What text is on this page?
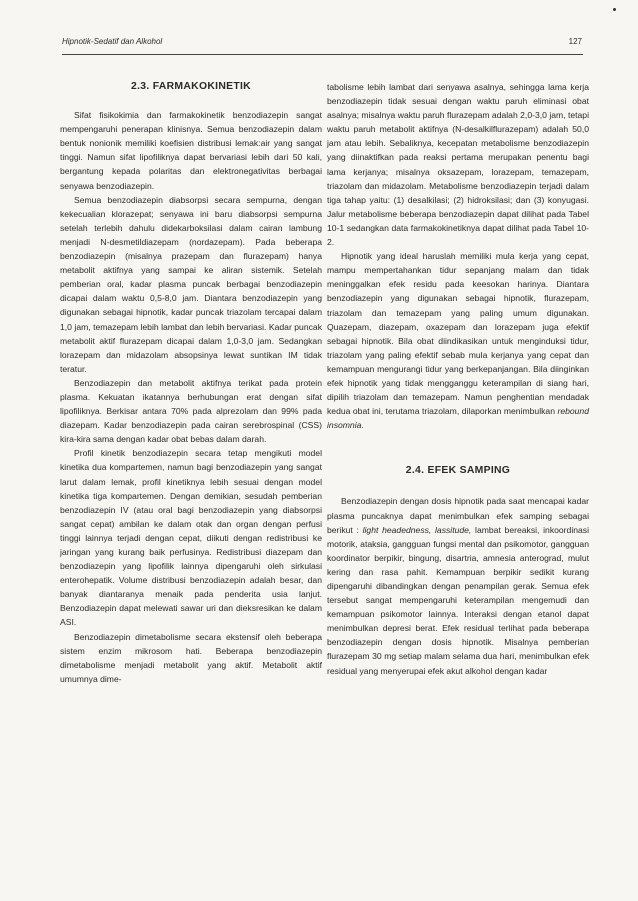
Hipnotik-Sedatif dan Alkohol	127
2.3. FARMAKOKINETIK

Sifat fisikokimia dan farmakokinetik benzodiazepin sangat mempengaruhi penerapan klinisnya. Semua benzodiazepin dalam bentuk nonionik memiliki koefisien distribusi lemak:air yang sangat tinggi. Namun sifat lipofiliknya dapat bervariasi lebih dari 50 kali, bergantung kepada polaritas dan elektronegativitas berbagai senyawa benzodiazepin.

Semua benzodiazepin diabsorpsi secara sempurna, dengan kekecualian klorazepat; senyawa ini baru diabsorpsi sempurna setelah terlebih dahulu didekarboksilasi dalam cairan lambung menjadi N-desmetildiazepam (nordazepam). Pada beberapa benzodiazepin (misalnya prazepam dan flurazepam) hanya metabolit aktifnya yang sampai ke aliran sistemik. Setelah pemberian oral, kadar plasma puncak berbagai benzodiazepin dicapai dalam waktu 0,5-8,0 jam. Diantara benzodiazepin yang digunakan sebagai hipnotik, kadar puncak triazolam tercapai dalam 1,0 jam, temazepam lebih lambat dan lebih bervariasi. Kadar puncak metabolit aktif flurazepam dicapai dalam 1,0-3,0 jam. Sedangkan lorazepam dan midazolam absopsinya lewat suntikan IM tidak teratur.

Benzodiazepin dan metabolit aktifnya terikat pada protein plasma. Kekuatan ikatannya berhubungan erat dengan sifat lipofiliknya. Berkisar antara 70% pada alprezolam dan 99% pada diazepam. Kadar benzodiazepin pada cairan serebrospinal (CSS) kira-kira sama dengan kadar obat bebas dalam darah.

Profil kinetik benzodiazepin secara tetap mengikuti model kinetika dua kompartemen, namun bagi benzodiazepin yang sangat larut dalam lemak, profil kinetiknya lebih sesuai dengan model kinetika tiga kompartemen. Dengan demikian, sesudah pemberian benzodiazepin IV (atau oral bagi benzodiazepin yang diabsorpsi sangat cepat) ambilan ke dalam otak dan organ dengan perfusi tinggi lainnya terjadi dengan cepat, diikuti dengan redistribusi ke jaringan yang kurang baik perfusinya. Redistribusi diazepam dan benzodiazepin yang lipofilik lainnya dipengaruhi oleh sirkulasi enterohepatik. Volume distribusi benzodiazepin adalah besar, dan banyak diantaranya menaik pada penderita usia lanjut. Benzodiazepin dapat melewati sawar uri dan dieksresikan ke dalam ASI.

Benzodiazepin dimetabolisme secara ekstensif oleh beberapa sistem enzim mikrosom hati. Beberapa benzodiazepin dimetabolisme menjadi metabolit yang aktif. Metabolit aktif umumnya dime-

tabolisme lebih lambat dari senyawa asalnya, sehingga lama kerja benzodiazepin tidak sesuai dengan waktu paruh eliminasi obat asalnya; misalnya waktu paruh flurazepam adalah 2,0-3,0 jam, tetapi waktu paruh metabolit aktifnya (N-desalkilflurazepam) adalah 50,0 jam atau lebih. Sebaliknya, kecepatan metabolisme benzodiazepin yang diinaktifkan pada reaksi pertama merupakan penentu bagi lama kerjanya; misalnya oksazepam, lorazepam, temazepam, triazolam dan midazolam. Metabolisme benzodiazepin terjadi dalam tiga tahap yaitu: (1) desalkilasi; (2) hidroksilasi; dan (3) konyugasi. Jalur metabolisme beberapa benzodiazepin dapat dilihat pada Tabel 10-1 sedangkan data farmakokinetiknya dapat dilihat pada Tabel 10-2.

Hipnotik yang ideal haruslah memiliki mula kerja yang cepat, mampu mempertahankan tidur sepanjang malam dan tidak meninggalkan efek residu pada keesokan harinya. Diantara benzodiazepin yang digunakan sebagai hipnotik, flurazepam, triazolam dan temazepam yang paling umum digunakan. Quazepam, diazepam, oxazepam dan lorazepam juga efektif sebagai hipnotik. Bila obat diindikasikan untuk menginduksi tidur, triazolam yang paling efektif sebab mula kerjanya yang cepat dan kemampuan mengurangi tidur yang berkepanjangan. Bila diinginkan efek hipnotik yang tidak mengganggu keterampilan di siang hari, dipilih triazolam dan temazepam. Namun penghentian mendadak kedua obat ini, terutama triazolam, dilaporkan menimbulkan rebound insomnia.

2.4. EFEK SAMPING

Benzodiazepin dengan dosis hipnotik pada saat mencapai kadar plasma puncaknya dapat menimbulkan efek samping sebagai berikut : light headedness, lassitude, lambat bereaksi, inkoordinasi motorik, ataksia, gangguan fungsi mental dan psikomotor, gangguan koordinator berpikir, bingung, disartria, amnesia anterograd, mulut kering dan rasa pahit. Kemampuan berpikir sedikit kurang dipengaruhi dibandingkan dengan penampilan gerak. Semua efek tersebut sangat mempengaruhi keterampilan mengemudi dan kemampuan psikomotor lainnya. Interaksi dengan etanol dapat menimbulkan depresi berat. Efek residual terlihat pada beberapa benzodiazepin dengan dosis hipnotik. Misalnya pemberian flurazepam 30 mg setiap malam selama dua hari, menimbulkan efek residual yang menyerupai efek akut alkohol dengan kadar
